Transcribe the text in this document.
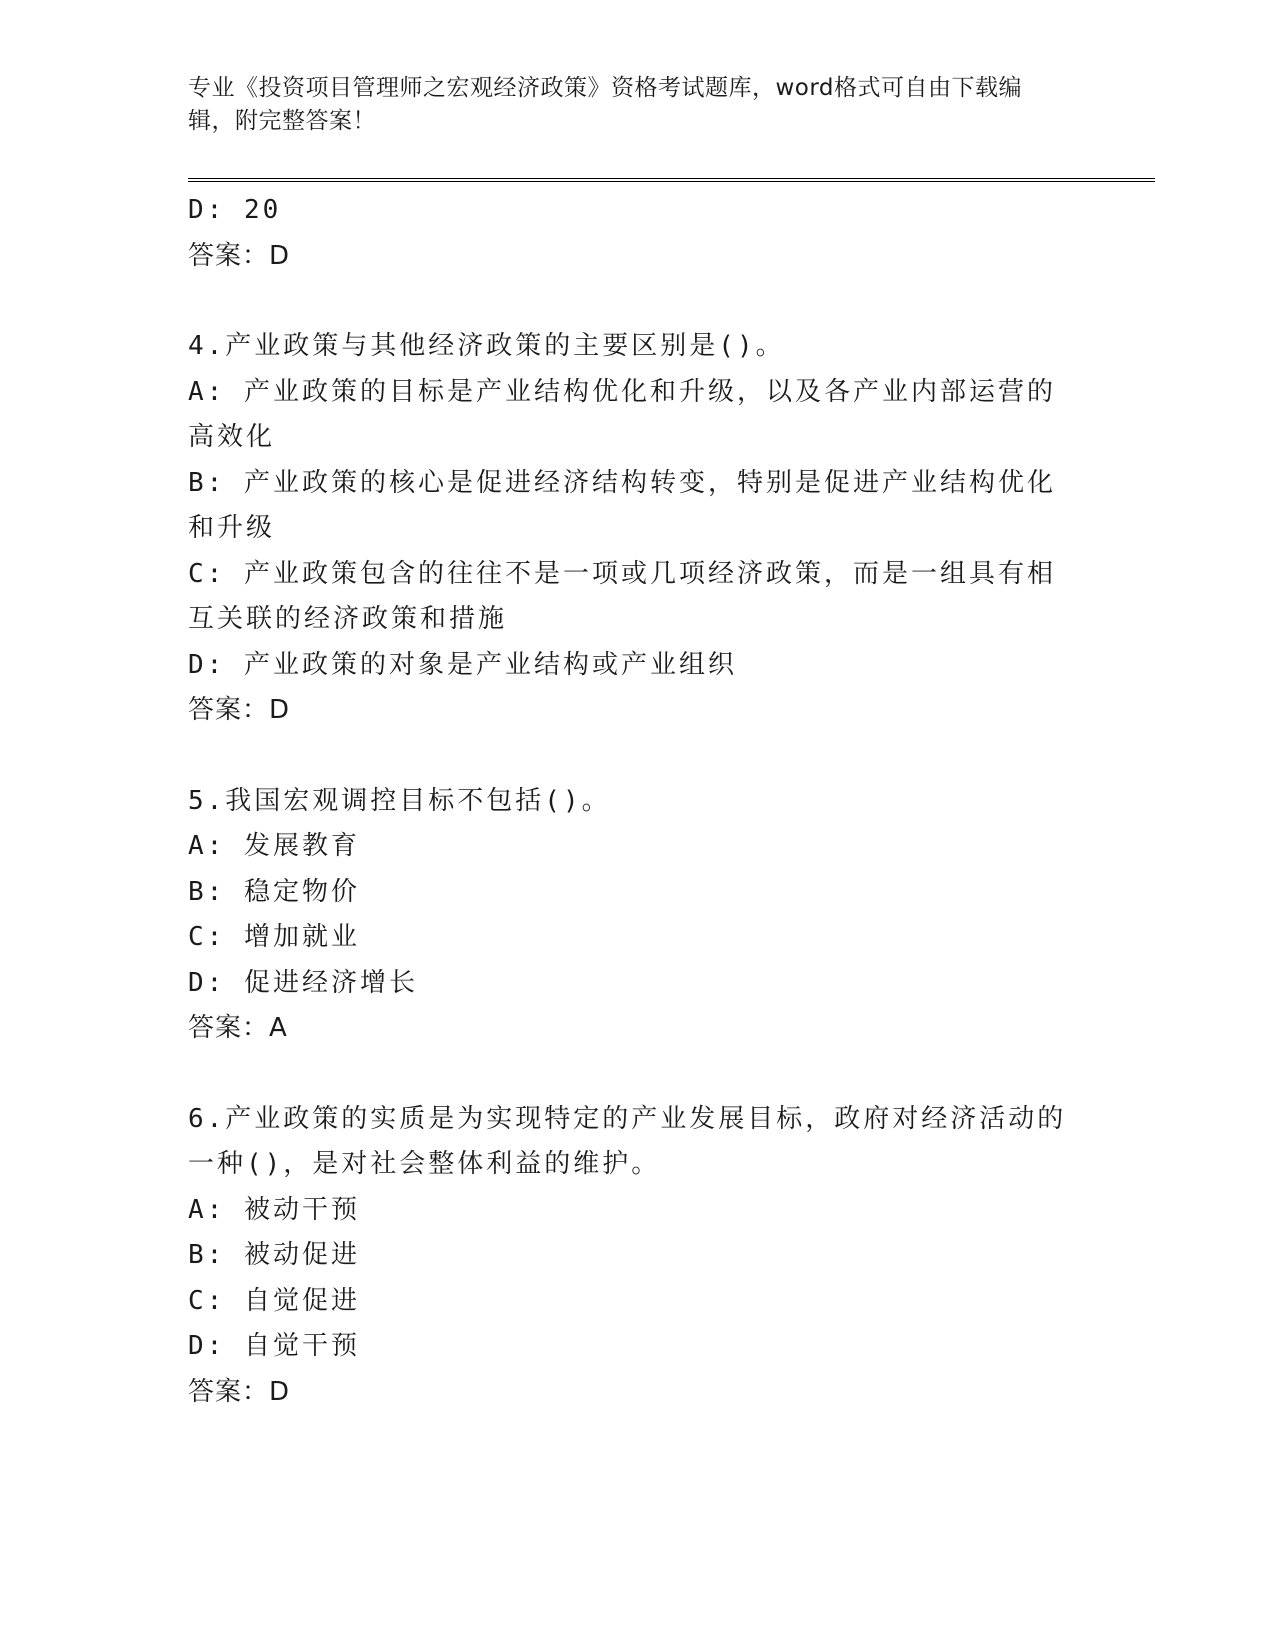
专业《投资项目管理师之宏观经济政策》资格考试题库，word格式可自由下载编辑，附完整答案！
D: 20
答案：D
4.产业政策与其他经济政策的主要区别是()。
A: 产业政策的目标是产业结构优化和升级，以及各产业内部运营的高效化
B: 产业政策的核心是促进经济结构转变，特别是促进产业结构优化和升级
C: 产业政策包含的往往不是一项或几项经济政策，而是一组具有相互关联的经济政策和措施
D: 产业政策的对象是产业结构或产业组织
答案：D
5.我国宏观调控目标不包括()。
A: 发展教育
B: 稳定物价
C: 增加就业
D: 促进经济增长
答案：A
6.产业政策的实质是为实现特定的产业发展目标，政府对经济活动的一种()，是对社会整体利益的维护。
A: 被动干预
B: 被动促进
C: 自觉促进
D: 自觉干预
答案：D
